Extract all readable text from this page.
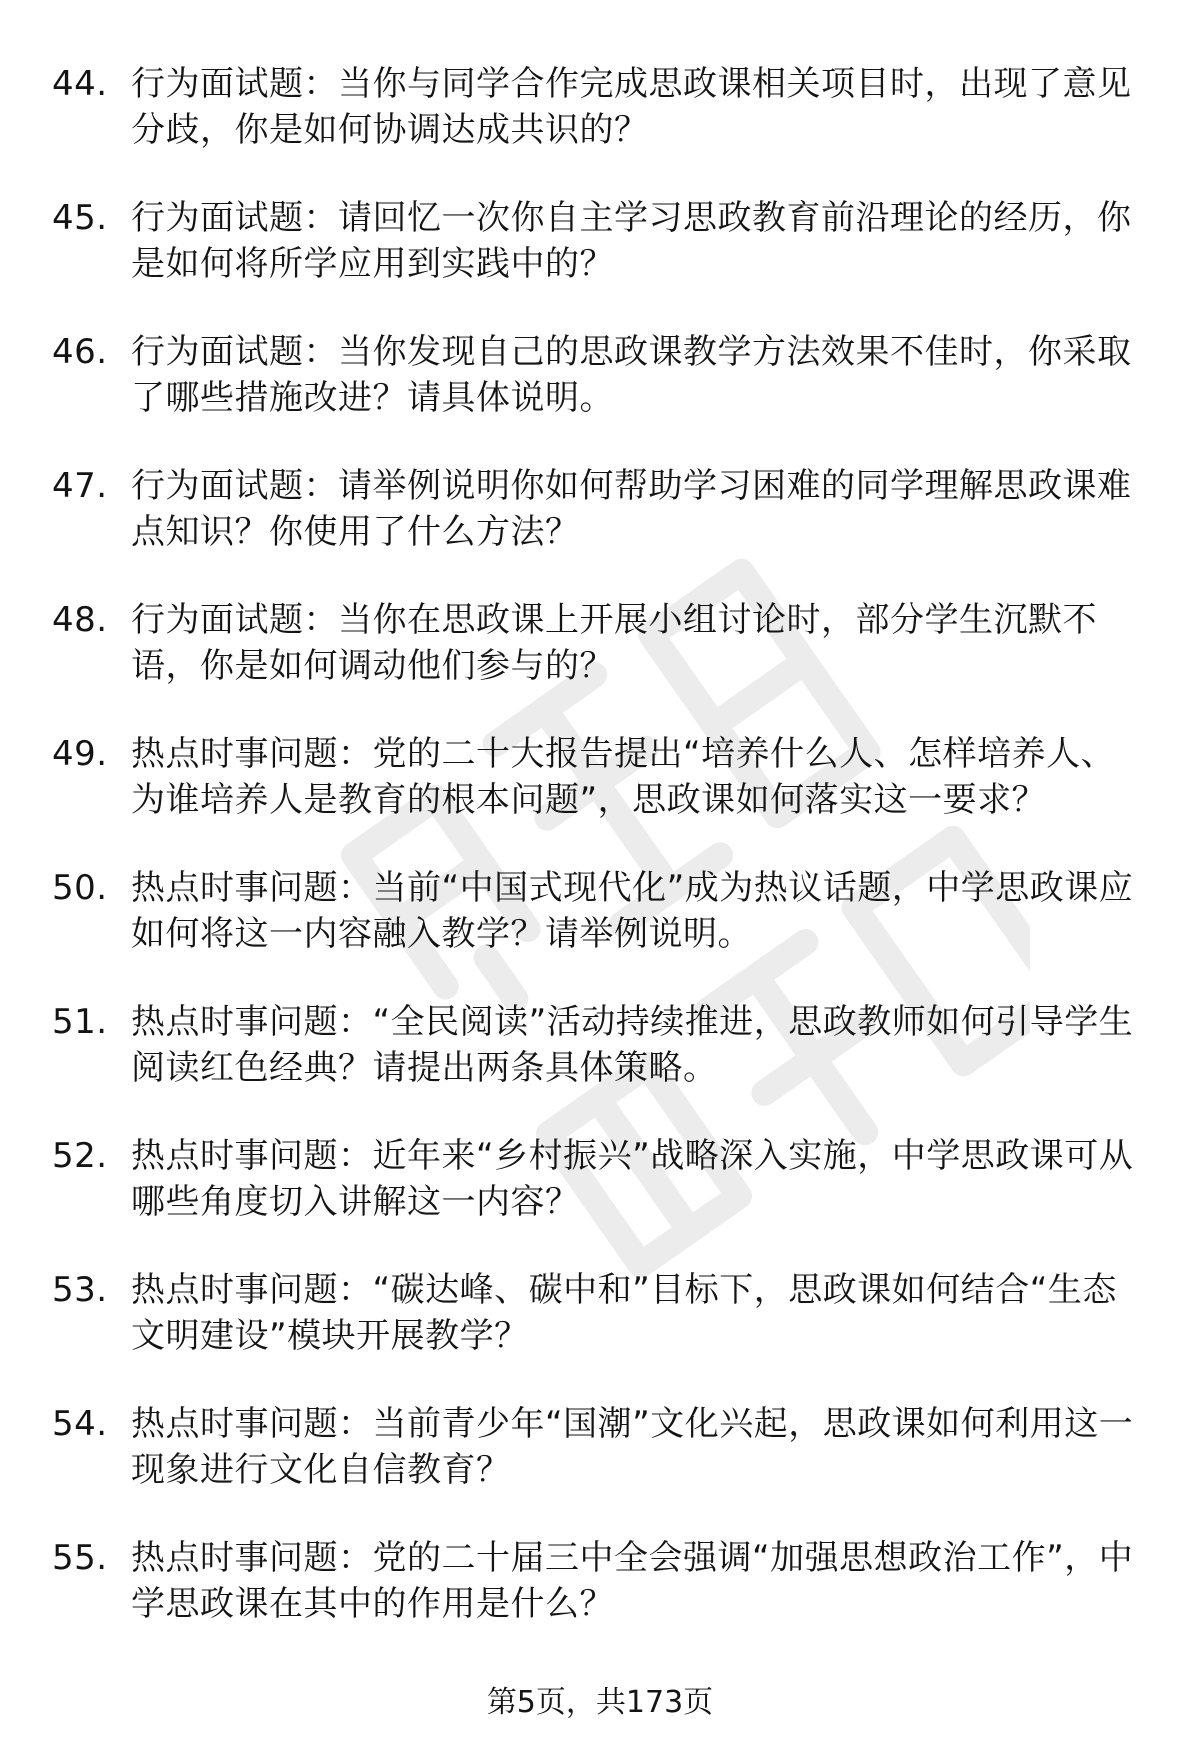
44. 行为面试题：当你与同学合作完成思政课相关项目时，出现了意见分歧，你是如何协调达成共识的？
45. 行为面试题：请回忆一次你自主学习思政教育前沿理论的经历，你是如何将所学应用到实践中的？
46. 行为面试题：当你发现自己的思政课教学方法效果不佳时，你采取了哪些措施改进？请具体说明。
47. 行为面试题：请举例说明你如何帮助学习困难的同学理解思政课难点知识？你使用了什么方法？
48. 行为面试题：当你在思政课上开展小组讨论时，部分学生沉默不语，你是如何调动他们参与的？
49. 热点时事问题：党的二十大报告提出“培养什么人、怎样培养人、为谁培养人是教育的根本问题”，思政课如何落实这一要求？
50. 热点时事问题：当前“中国式现代化”成为热议话题，中学思政课应如何将这一内容融入教学？请举例说明。
51. 热点时事问题：“全民阅读”活动持续推进，思政教师如何引导学生阅读红色经典？请提出两条具体策略。
52. 热点时事问题：近年来“乡村振兴”战略深入实施，中学思政课可从哪些角度切入讲解这一内容？
53. 热点时事问题：“碳达峰、碳中和”目标下，思政课如何结合“生态文明建设”模块开展教学？
54. 热点时事问题：当前青少年“国潮”文化兴起，思政课如何利用这一现象进行文化自信教育？
55. 热点时事问题：党的二十届三中全会强调“加强思想政治工作”，中学思政课在其中的作用是什么？
第5页，共173页
